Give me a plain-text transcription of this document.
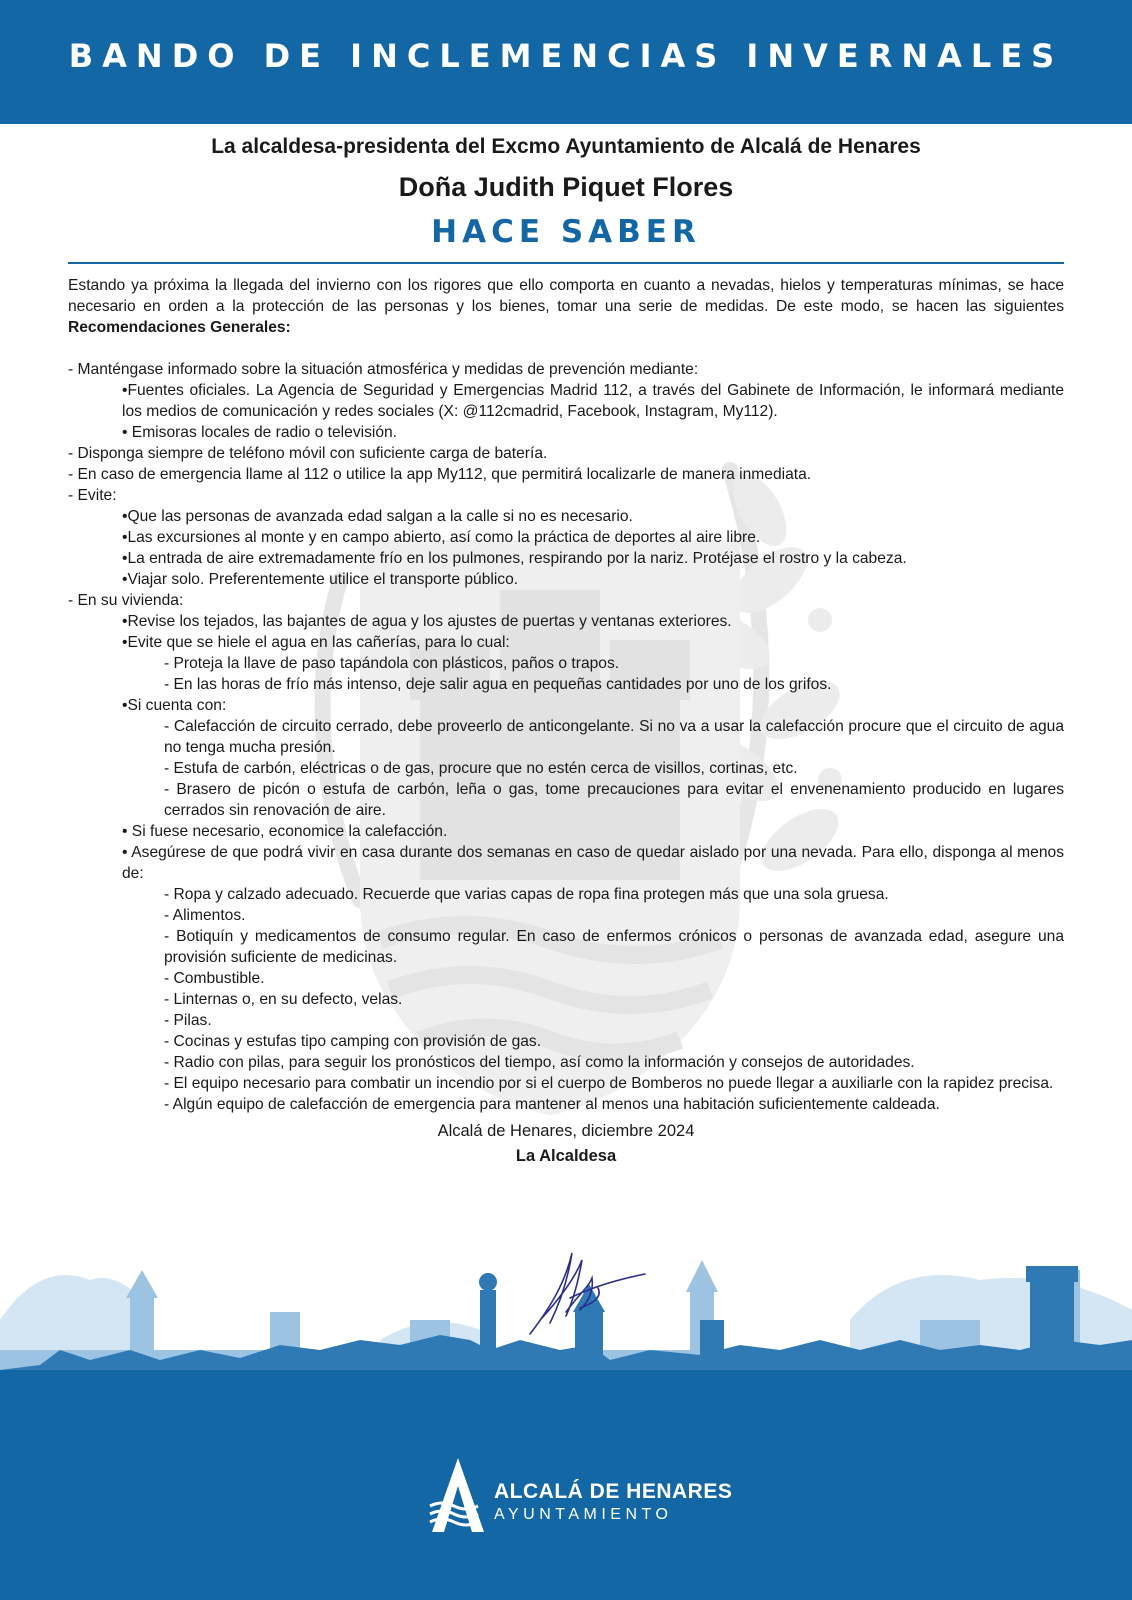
BANDO DE INCLEMENCIAS INVERNALES
La alcaldesa-presidenta del Excmo Ayuntamiento de Alcalá de Henares
Doña Judith Piquet Flores
HACE SABER
Estando ya próxima la llegada del invierno con los rigores que ello comporta en cuanto a nevadas, hielos y temperaturas mínimas, se hace necesario en orden a la protección de las personas y los bienes, tomar una serie de medidas. De este modo, se hacen las siguientes Recomendaciones Generales:
- Manténgase informado sobre la situación atmosférica y medidas de prevención mediante:
•Fuentes oficiales. La Agencia de Seguridad y Emergencias Madrid 112, a través del Gabinete de Información, le informará mediante los medios de comunicación y redes sociales (X: @112cmadrid, Facebook, Instagram, My112).
• Emisoras locales de radio o televisión.
- Disponga siempre de teléfono móvil con suficiente carga de batería.
- En caso de emergencia llame al 112 o utilice la app My112, que permitirá localizarle de manera inmediata.
- Evite:
•Que las personas de avanzada edad salgan a la calle si no es necesario.
•Las excursiones al monte y en campo abierto, así como la práctica de deportes al aire libre.
•La entrada de aire extremadamente frío en los pulmones, respirando por la nariz. Protéjase el rostro y la cabeza.
•Viajar solo. Preferentemente utilice el transporte público.
- En su vivienda:
•Revise los tejados, las bajantes de agua y los ajustes de puertas y ventanas exteriores.
•Evite que se hiele el agua en las cañerías, para lo cual:
- Proteja la llave de paso tapándola con plásticos, paños o trapos.
- En las horas de frío más intenso, deje salir agua en pequeñas cantidades por uno de los grifos.
•Si cuenta con:
- Calefacción de circuito cerrado, debe proveerlo de anticongelante. Si no va a usar la calefacción procure que el circuito de agua no tenga mucha presión.
- Estufa de carbón, eléctricas o de gas, procure que no estén cerca de visillos, cortinas, etc.
- Brasero de picón o estufa de carbón, leña o gas, tome precauciones para evitar el envenenamiento producido en lugares cerrados sin renovación de aire.
• Si fuese necesario, economice la calefacción.
• Asegúrese de que podrá vivir en casa durante dos semanas en caso de quedar aislado por una nevada. Para ello, disponga al menos de:
- Ropa y calzado adecuado. Recuerde que varias capas de ropa fina protegen más que una sola gruesa.
- Alimentos.
- Botiquín y medicamentos de consumo regular. En caso de enfermos crónicos o personas de avanzada edad, asegure una provisión suficiente de medicinas.
- Combustible.
- Linternas o, en su defecto, velas.
- Pilas.
- Cocinas y estufas tipo camping con provisión de gas.
- Radio con pilas, para seguir los pronósticos del tiempo, así como la información y consejos de autoridades.
- El equipo necesario para combatir un incendio por si el cuerpo de Bomberos no puede llegar a auxiliarle con la rapidez precisa.
- Algún equipo de calefacción de emergencia para mantener al menos una habitación suficientemente caldeada.
Alcalá de Henares, diciembre 2024
La Alcaldesa
ALCALÁ DE HENARES
AYUNTAMIENTO
